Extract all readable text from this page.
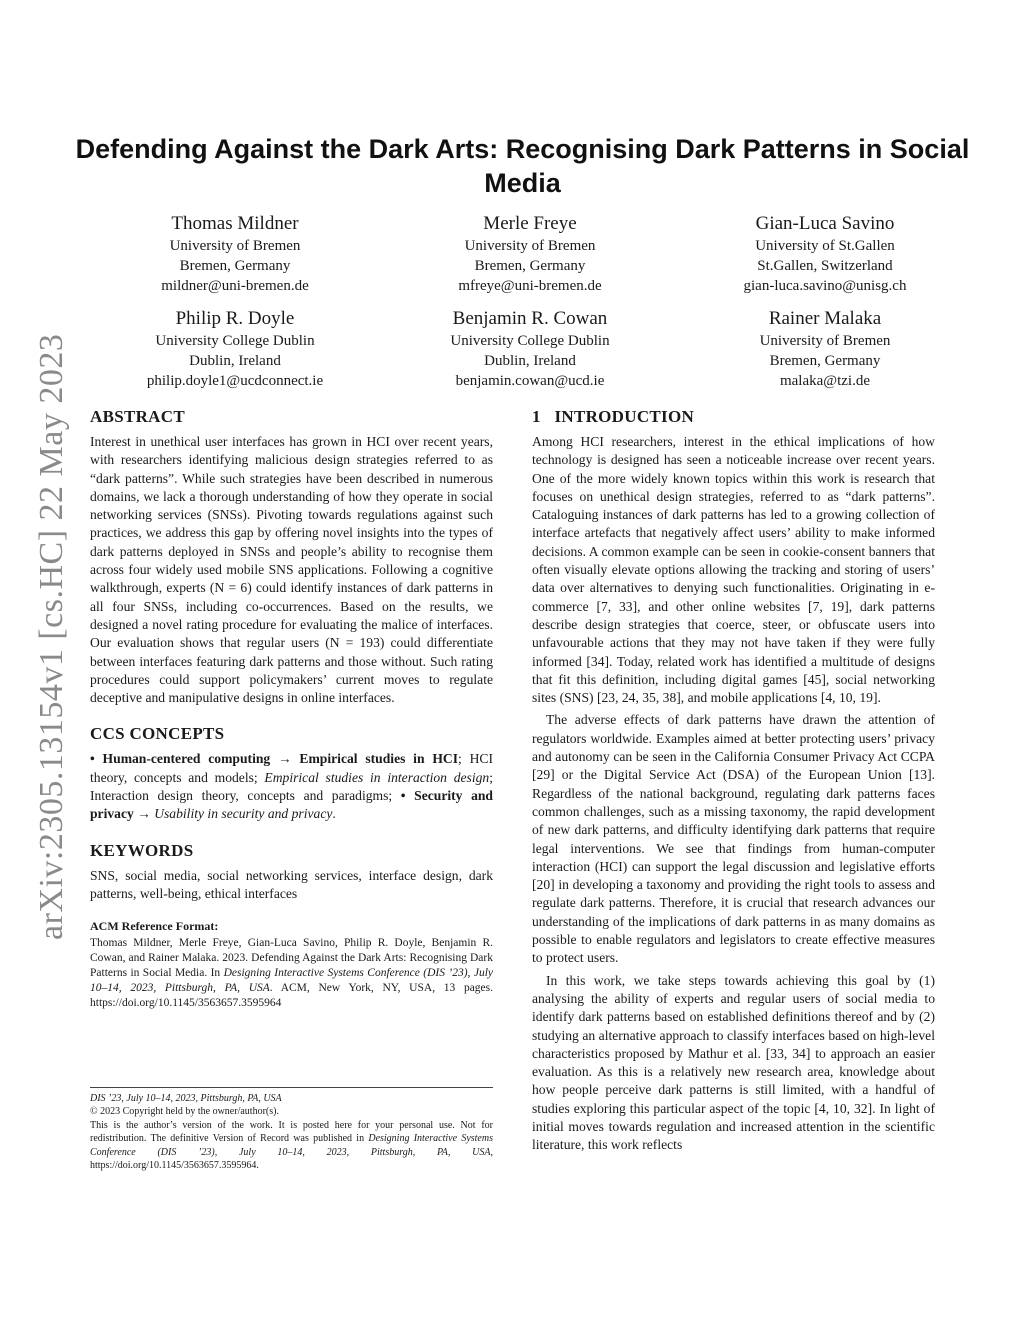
arXiv:2305.13154v1 [cs.HC] 22 May 2023
Defending Against the Dark Arts: Recognising Dark Patterns in Social Media
Thomas Mildner
University of Bremen
Bremen, Germany
mildner@uni-bremen.de
Merle Freye
University of Bremen
Bremen, Germany
mfreye@uni-bremen.de
Gian-Luca Savino
University of St.Gallen
St.Gallen, Switzerland
gian-luca.savino@unisg.ch
Philip R. Doyle
University College Dublin
Dublin, Ireland
philip.doyle1@ucdconnect.ie
Benjamin R. Cowan
University College Dublin
Dublin, Ireland
benjamin.cowan@ucd.ie
Rainer Malaka
University of Bremen
Bremen, Germany
malaka@tzi.de
ABSTRACT

Interest in unethical user interfaces has grown in HCI over recent years, with researchers identifying malicious design strategies referred to as “dark patterns”. While such strategies have been described in numerous domains, we lack a thorough understanding of how they operate in social networking services (SNSs). Pivoting towards regulations against such practices, we address this gap by offering novel insights into the types of dark patterns deployed in SNSs and people’s ability to recognise them across four widely used mobile SNS applications. Following a cognitive walkthrough, experts (N = 6) could identify instances of dark patterns in all four SNSs, including co-occurrences. Based on the results, we designed a novel rating procedure for evaluating the malice of interfaces. Our evaluation shows that regular users (N = 193) could differentiate between interfaces featuring dark patterns and those without. Such rating procedures could support policymakers’ current moves to regulate deceptive and manipulative designs in online interfaces.

CCS CONCEPTS

• Human-centered computing → Empirical studies in HCI; HCI theory, concepts and models; Empirical studies in interaction design; Interaction design theory, concepts and paradigms; • Security and privacy → Usability in security and privacy.

KEYWORDS

SNS, social media, social networking services, interface design, dark patterns, well-being, ethical interfaces

ACM Reference Format:

Thomas Mildner, Merle Freye, Gian-Luca Savino, Philip R. Doyle, Benjamin R. Cowan, and Rainer Malaka. 2023. Defending Against the Dark Arts: Recognising Dark Patterns in Social Media. In Designing Interactive Systems Conference (DIS ’23), July 10–14, 2023, Pittsburgh, PA, USA. ACM, New York, NY, USA, 13 pages. https://doi.org/10.1145/3563657.3595964

DIS ’23, July 10–14, 2023, Pittsburgh, PA, USA
© 2023 Copyright held by the owner/author(s).
This is the author’s version of the work. It is posted here for your personal use. Not for redistribution. The definitive Version of Record was published in Designing Interactive Systems Conference (DIS ’23), July 10–14, 2023, Pittsburgh, PA, USA, https://doi.org/10.1145/3563657.3595964.
1   INTRODUCTION

Among HCI researchers, interest in the ethical implications of how technology is designed has seen a noticeable increase over recent years. One of the more widely known topics within this work is research that focuses on unethical design strategies, referred to as “dark patterns”. Cataloguing instances of dark patterns has led to a growing collection of interface artefacts that negatively affect users’ ability to make informed decisions. A common example can be seen in cookie-consent banners that often visually elevate options allowing the tracking and storing of users’ data over alternatives to denying such functionalities. Originating in e-commerce [7, 33], and other online websites [7, 19], dark patterns describe design strategies that coerce, steer, or obfuscate users into unfavourable actions that they may not have taken if they were fully informed [34]. Today, related work has identified a multitude of designs that fit this definition, including digital games [45], social networking sites (SNS) [23, 24, 35, 38], and mobile applications [4, 10, 19].

The adverse effects of dark patterns have drawn the attention of regulators worldwide. Examples aimed at better protecting users’ privacy and autonomy can be seen in the California Consumer Privacy Act CCPA [29] or the Digital Service Act (DSA) of the European Union [13]. Regardless of the national background, regulating dark patterns faces common challenges, such as a missing taxonomy, the rapid development of new dark patterns, and difficulty identifying dark patterns that require legal interventions. We see that findings from human-computer interaction (HCI) can support the legal discussion and legislative efforts [20] in developing a taxonomy and providing the right tools to assess and regulate dark patterns. Therefore, it is crucial that research advances our understanding of the implications of dark patterns in as many domains as possible to enable regulators and legislators to create effective measures to protect users.

In this work, we take steps towards achieving this goal by (1) analysing the ability of experts and regular users of social media to identify dark patterns based on established definitions thereof and by (2) studying an alternative approach to classify interfaces based on high-level characteristics proposed by Mathur et al. [33, 34] to approach an easier evaluation. As this is a relatively new research area, knowledge about how people perceive dark patterns is still limited, with a handful of studies exploring this particular aspect of the topic [4, 10, 32]. In light of initial moves towards regulation and increased attention in the scientific literature, this work reflects
